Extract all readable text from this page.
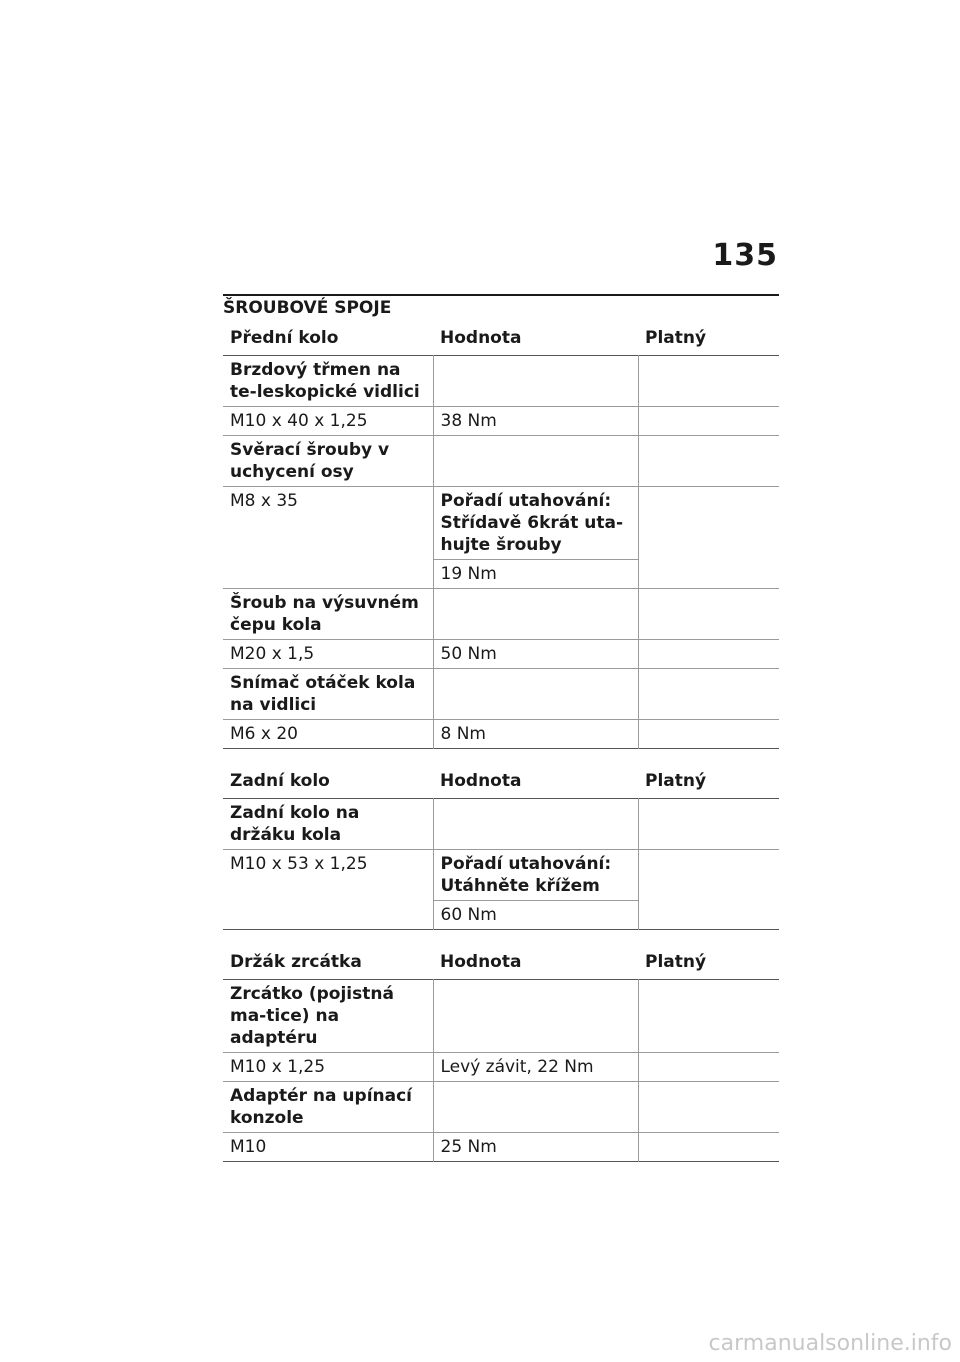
135
ŠROUBOVÉ SPOJE
Přední kolo	Hodnota	Platný
Brzdový třmen na te-leskopické vidlici		
M10 x 40 x 1,25	38 Nm	
Svěrací šrouby v uchycení osy		
M8 x 35	Pořadí utahování: Střídavě 6krát uta-hujte šrouby	
	19 Nm	
Šroub na výsuvném čepu kola		
M20 x 1,5	50 Nm	
Snímač otáček kola na vidlici		
M6 x 20	8 Nm	
Zadní kolo	Hodnota	Platný
Zadní kolo na držáku kola		
M10 x 53 x 1,25	Pořadí utahování: Utáhněte křížem	
	60 Nm	
Držák zrcátka	Hodnota	Platný
Zrcátko (pojistná ma-tice) na adaptéru		
M10 x 1,25	Levý závit, 22 Nm	
Adaptér na upínací konzole		
M10	25 Nm	
carmanualsonline.info
